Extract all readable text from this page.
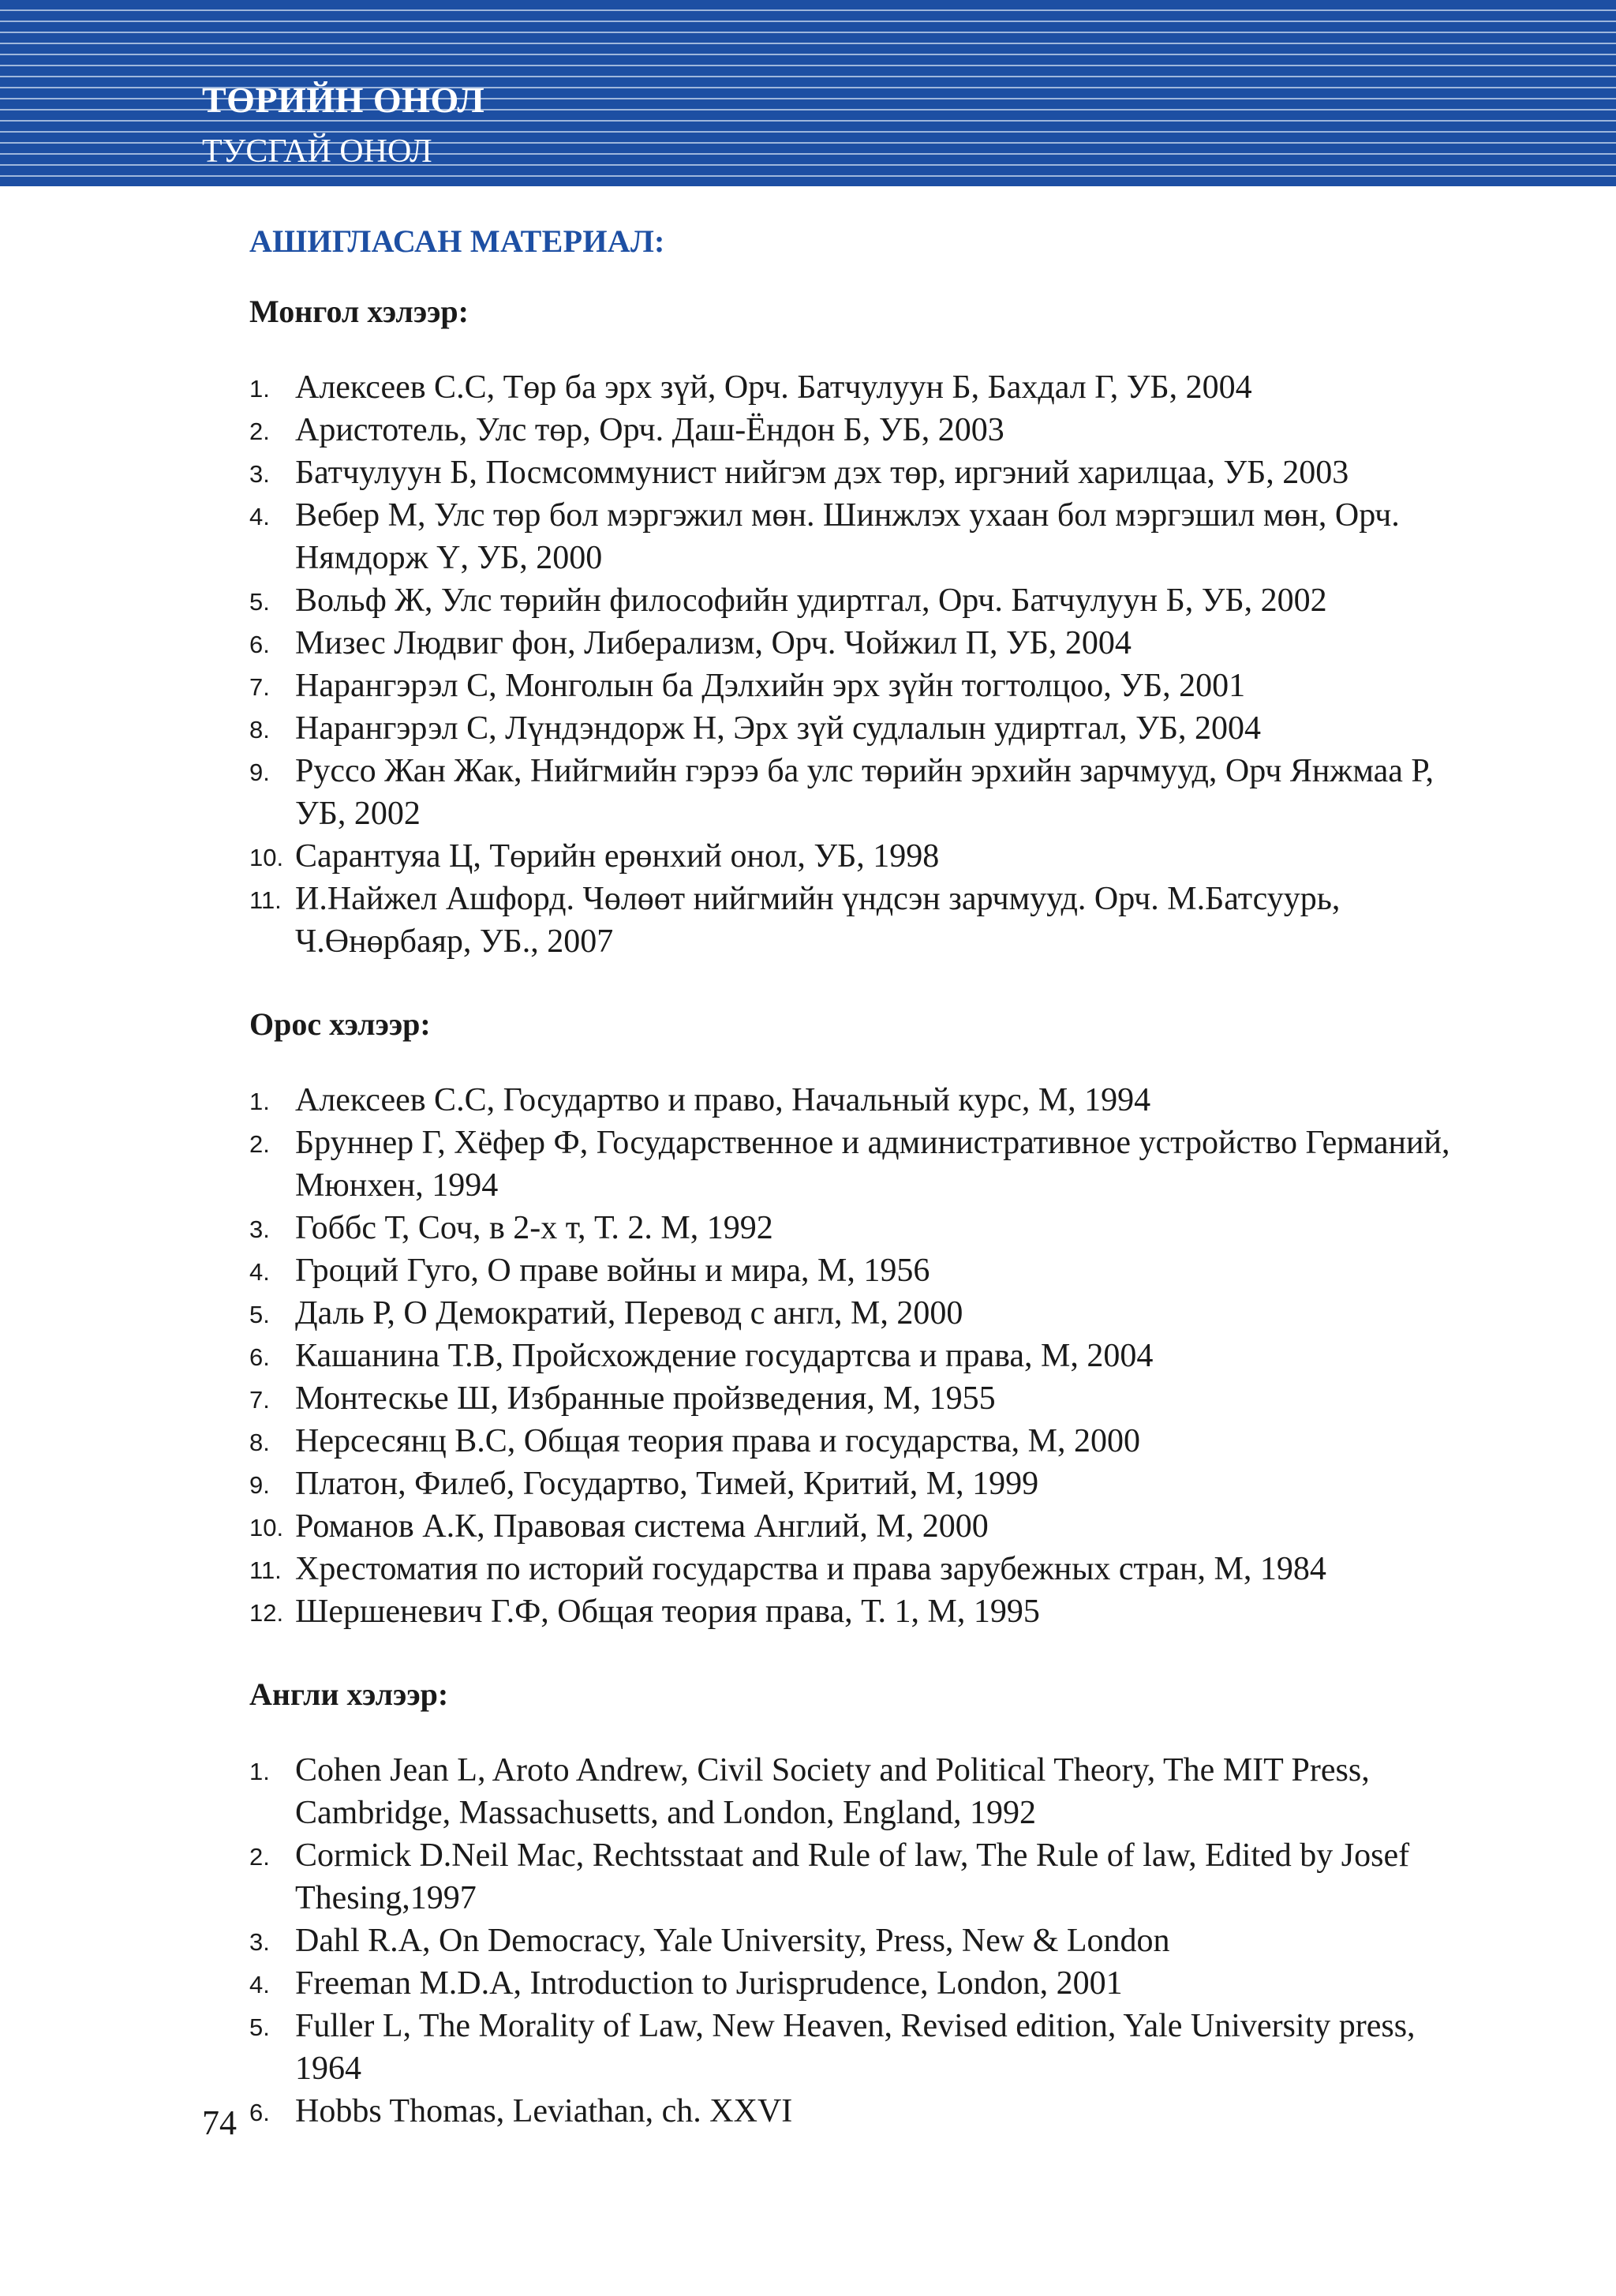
ТӨРИЙН ОНОЛ
ТУСГАЙ ОНОЛ
АШИГЛАСАН МАТЕРИАЛ:
Монгол хэлээр:
1. Алексеев С.С, Төр ба эрх зүй, Орч. Батчулуун Б, Бахдал Г, УБ, 2004
2. Аристотель, Улс төр, Орч. Даш-Ёндон Б, УБ, 2003
3. Батчулуун Б, Посмсоммунист нийгэм дэх төр, иргэний харилцаа, УБ, 2003
4. Вебер М, Улс төр бол мэргэжил мөн. Шинжлэх ухаан бол мэргэшил мөн, Орч. Нямдорж Ү, УБ, 2000
5. Вольф Ж, Улс төрийн философийн удиртгал, Орч. Батчулуун Б, УБ, 2002
6. Мизес Людвиг фон, Либерализм, Орч. Чойжил П, УБ, 2004
7. Нарангэрэл С, Монголын ба Дэлхийн эрх зүйн тогтолцоо, УБ, 2001
8. Нарангэрэл С, Лүндэндорж Н, Эрх зүй судлалын удиртгал, УБ, 2004
9. Руссо Жан Жак, Нийгмийн гэрээ ба улс төрийн эрхийн зарчмууд, Орч Янжмаа Р, УБ, 2002
10. Сарантуяа Ц, Төрийн ерөнхий онол, УБ, 1998
11. И.Найжел Ашфорд. Чөлөөт нийгмийн үндсэн зарчмууд. Орч. М.Батсуурь, Ч.Өнөрбаяр, УБ., 2007
Орос хэлээр:
1. Алексеев С.С, Государтво и право, Начальный курс, М, 1994
2. Бруннер Г, Хёфер Ф, Государственное и административное устройство Германий, Мюнхен, 1994
3. Гоббс Т, Соч, в 2-х т, Т. 2. М, 1992
4. Гроций Гуго, О праве войны и мира, М, 1956
5. Даль Р, О Демократий, Перевод с англ, М, 2000
6. Кашанина Т.В, Пройсхождение государтсва и права, М, 2004
7. Монтескье Ш, Избранные пройзведения, М, 1955
8. Нерсесянц В.С, Общая теория права и государства, М, 2000
9. Платон, Филеб, Государтво, Тимей, Критий, М, 1999
10. Романов А.К, Правовая система Англий, М, 2000
11. Хрестоматия по историй государства и права зарубежных стран, М, 1984
12. Шершеневич Г.Ф, Общая теория права, Т. 1, М, 1995
Англи хэлээр:
1. Cohen Jean L, Aroto Andrew, Civil Society and Political Theory, The MIT Press, Cambridge, Massachusetts, and London, England, 1992
2. Cormick D.Neil Mac, Rechtsstaat and Rule of law, The Rule of law, Edited by Josef Thesing,1997
3. Dahl R.A, On Democracy, Yale University, Press, New & London
4. Freeman M.D.A, Introduction to Jurisprudence, London, 2001
5. Fuller L, The Morality of Law, New Heaven, Revised edition, Yale University press, 1964
6. Hobbs Thomas, Leviathan, ch. XXVI
74
